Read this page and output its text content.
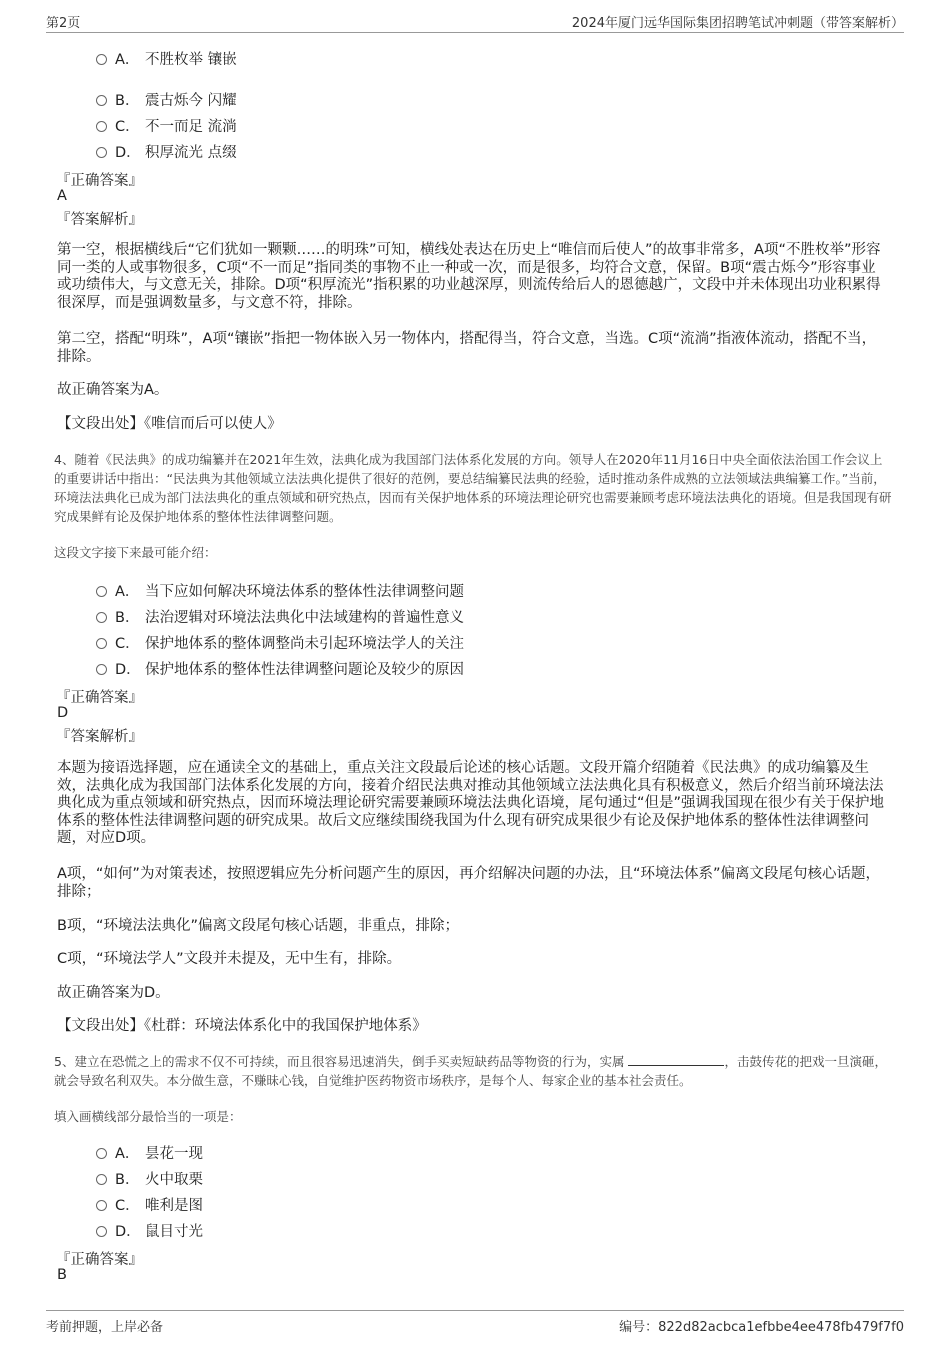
第2页	2024年厦门远华国际集团招聘笔试冲刺题（带答案解析）
A． 不胜枚举 镶嵌
B． 震古烁今 闪耀
C． 不一而足 流淌
D． 积厚流光 点缀
『正确答案』
A
『答案解析』
第一空，根据横线后“它们犹如一颗颗……的明珠”可知，横线处表达在历史上“唯信而后使人”的故事非常多，A项“不胜枚举”形容同一类的人或事物很多，C项“不一而足”指同类的事物不止一种或一次，而是很多，均符合文意，保留。B项“震古烁今”形容事业或功绩伟大，与文意无关，排除。D项“积厚流光”指积累的功业越深厚，则流传给后人的恩德越广，文段中并未体现出功业积累得很深厚，而是强调数量多，与文意不符，排除。
第二空，搭配“明珠”，A项“镶嵌”指把一物体嵌入另一物体内，搭配得当，符合文意，当选。C项“流淌”指液体流动，搭配不当，排除。
故正确答案为A。
【文段出处】《唯信而后可以使人》
4、随着《民法典》的成功编纂并在2021年生效，法典化成为我国部门法体系化发展的方向。领导人在2020年11月16日中央全面依法治国工作会议上的重要讲话中指出：“民法典为其他领域立法法典化提供了很好的范例，要总结编纂民法典的经验，适时推动条件成熟的立法领域法典编纂工作。”当前，环境法法典化已成为部门法法典化的重点领域和研究热点，因而有关保护地体系的环境法理论研究也需要兼顾考虑环境法法典化的语境。但是我国现有研究成果鲜有论及保护地体系的整体性法律调整问题。
这段文字接下来最可能介绍：
A． 当下应如何解决环境法体系的整体性法律调整问题
B． 法治逻辑对环境法法典化中法域建构的普遍性意义
C． 保护地体系的整体调整尚未引起环境法学人的关注
D． 保护地体系的整体性法律调整问题论及较少的原因
『正确答案』
D
『答案解析』
本题为接语选择题，应在通读全文的基础上，重点关注文段最后论述的核心话题。文段开篇介绍随着《民法典》的成功编纂及生效，法典化成为我国部门法体系化发展的方向，接着介绍民法典对推动其他领域立法法典化具有积极意义，然后介绍当前环境法法典化成为重点领域和研究热点，因而环境法理论研究需要兼顾环境法法典化语境，尾句通过“但是”强调我国现在很少有关于保护地体系的整体性法律调整问题的研究成果。故后文应继续围绕我国为什么现有研究成果很少有论及保护地体系的整体性法律调整问题，对应D项。
A项，“如何”为对策表述，按照逻辑应先分析问题产生的原因，再介绍解决问题的办法，且“环境法体系”偏离文段尾句核心话题，排除；
B项，“环境法法典化”偏离文段尾句核心话题，非重点，排除；
C项，“环境法学人”文段并未提及，无中生有，排除。
故正确答案为D。
【文段出处】《杜群：环境法体系化中的我国保护地体系》
5、建立在恐慌之上的需求不仅不可持续，而且很容易迅速消失，倒手买卖短缺药品等物资的行为，实属	，击鼓传花的把戏一旦演砸，就会导致名利双失。本分做生意，不赚昧心钱，自觉维护医药物资市场秩序，是每个人、每家企业的基本社会责任。
填入画横线部分最恰当的一项是：
A． 昙花一现
B． 火中取栗
C． 唯利是图
D． 鼠目寸光
『正确答案』
B
考前押题，上岸必备	编号：822d82acbca1efbbe4ee478fb479f7f0
